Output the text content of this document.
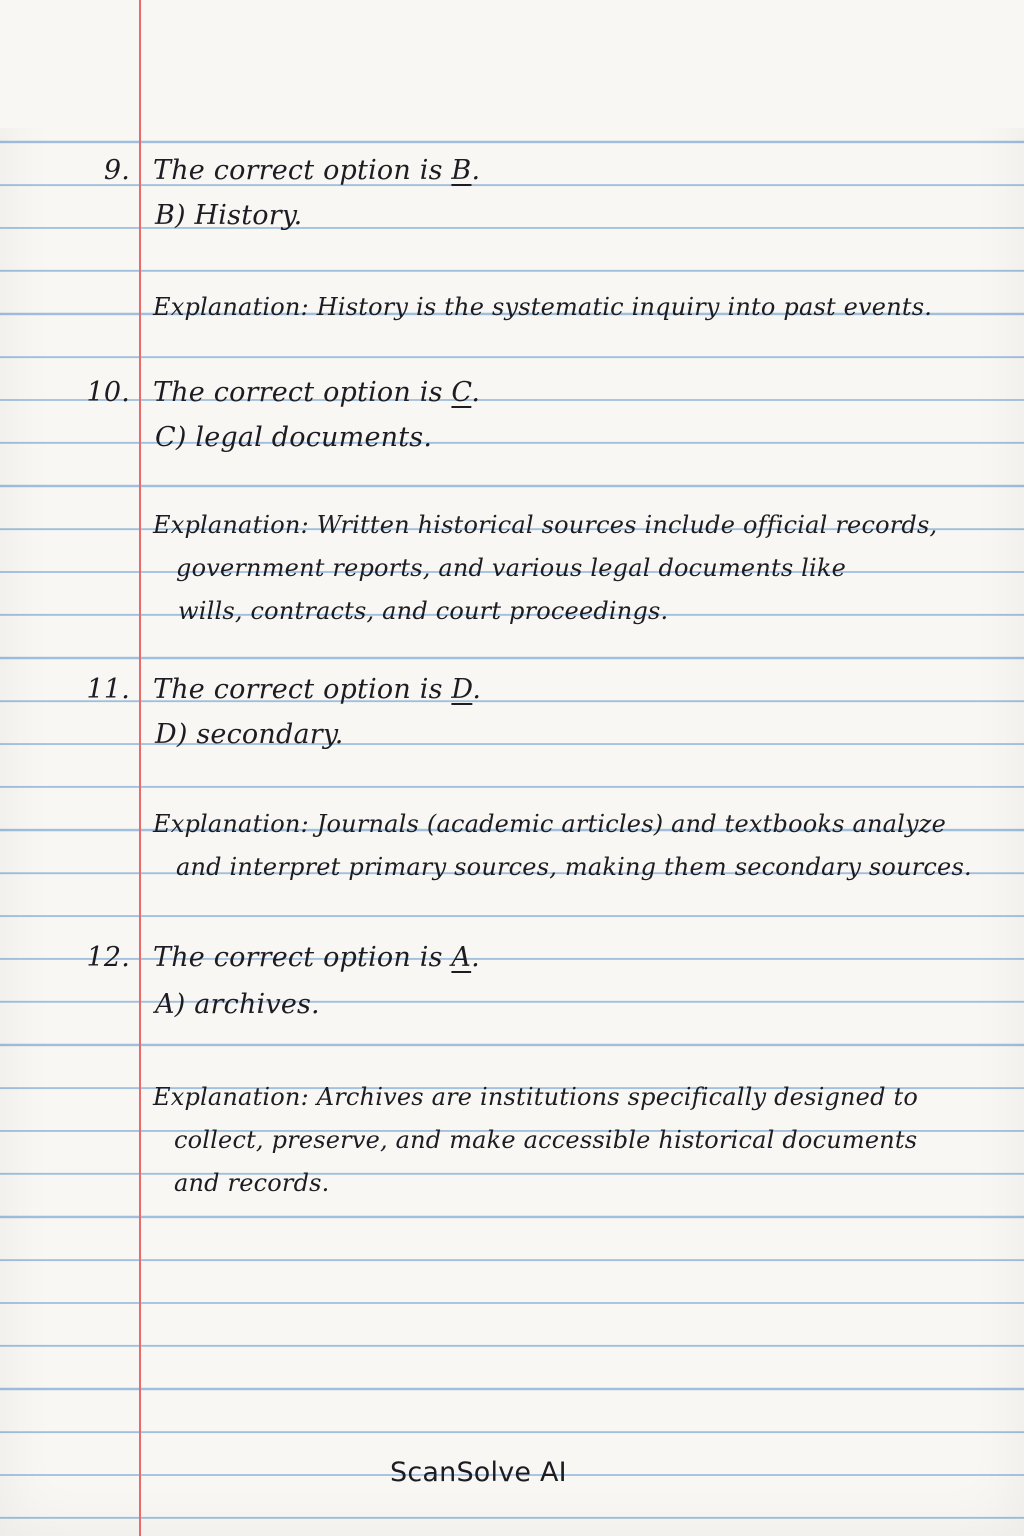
9. The correct option is B.
B) History.
Explanation: History is the systematic inquiry into past events.
10. The correct option is C.
C) legal documents.
Explanation: Written historical sources include official records,
government reports, and various legal documents like
wills, contracts, and court proceedings.
11. The correct option is D.
D) secondary.
Explanation: Journals (academic articles) and textbooks analyze
and interpret primary sources, making them secondary sources.
12. The correct option is A.
A) archives.
Explanation: Archives are institutions specifically designed to
collect, preserve, and make accessible historical documents
and records.
ScanSolve AI
